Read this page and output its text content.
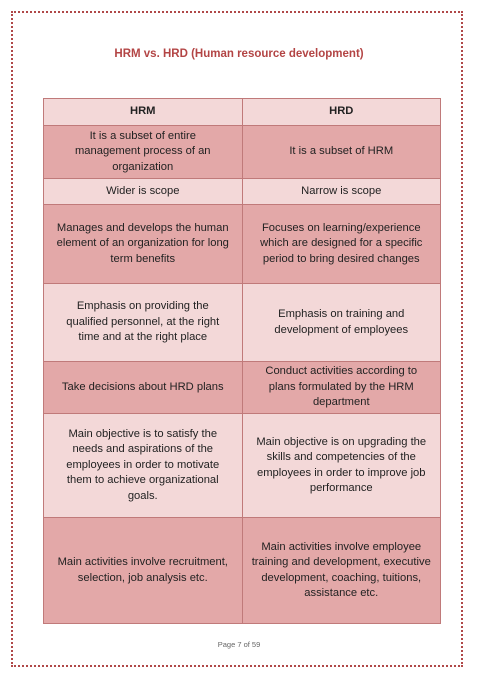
HRM vs. HRD (Human resource development)
HRM	HRD
It is a subset of entire management process of an organization	It is a subset of HRM
Wider is scope	Narrow is scope
Manages and develops the human element of an organization for long term benefits	Focuses on learning/experience which are designed for a specific period to bring desired changes
Emphasis on providing the qualified personnel, at the right time and at the right place	Emphasis on training and development of employees
Take decisions about HRD plans	Conduct activities according to plans formulated by the HRM department
Main objective is to satisfy the needs and aspirations of the employees in order to motivate them to achieve organizational goals.	Main objective is on upgrading the skills and competencies of the employees in order to improve job performance
Main activities involve recruitment, selection, job analysis etc.	Main activities involve employee training and development, executive development, coaching, tuitions, assistance etc.
Page 7 of 59
